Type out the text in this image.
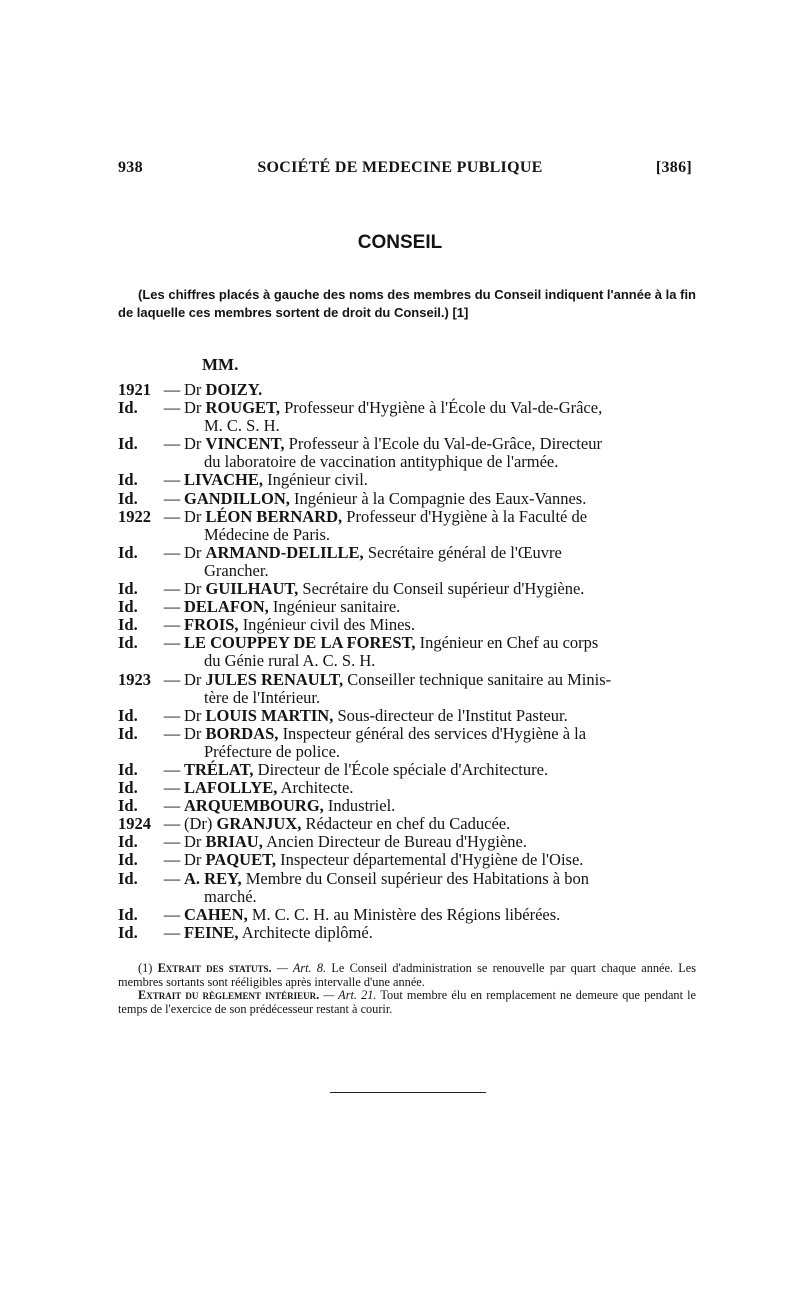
938	SOCIÉTÉ DE MEDECINE PUBLIQUE	[386]
CONSEIL
(Les chiffres placés à gauche des noms des membres du Conseil indiquent l'année à la fin de laquelle ces membres sortent de droit du Conseil.) [1]
MM.
1921 — Dr DOIZY.
Id.	— Dr ROUGET, Professeur d'Hygiène à l'École du Val-de-Grâce,
M. C. S. H.
Id.	— Dr VINCENT, Professeur à l'Ecole du Val-de-Grâce, Directeur
du laboratoire de vaccination antityphique de l'armée.
Id.	— LIVACHE, Ingénieur civil.
Id.	— GANDILLON, Ingénieur à la Compagnie des Eaux-Vannes.
1922 — Dr LÉON BERNARD, Professeur d'Hygiène à la Faculté de
Médecine de Paris.
Id.	— Dr ARMAND-DELILLE, Secrétaire général de l'Œuvre
Grancher.
Id.	— Dr GUILHAUT, Secrétaire du Conseil supérieur d'Hygiène.
Id.	— DELAFON, Ingénieur sanitaire.
Id.	— FROIS, Ingénieur civil des Mines.
Id.	— LE COUPPEY DE LA FOREST, Ingénieur en Chef au corps
du Génie rural A. C. S. H.
1923 — Dr JULES RENAULT, Conseiller technique sanitaire au Minis-
tère de l'Intérieur.
Id.	— Dr LOUIS MARTIN, Sous-directeur de l'Institut Pasteur.
Id.	— Dr BORDAS, Inspecteur général des services d'Hygiène à la
Préfecture de police.
Id.	— TRÉLAT, Directeur de l'École spéciale d'Architecture.
Id.	— LAFOLLYE, Architecte.
Id.	— ARQUEMBOURG, Industriel.
1924 — (Dr) GRANJUX, Rédacteur en chef du Caducée.
Id.	— Dr BRIAU, Ancien Directeur de Bureau d'Hygiène.
Id.	— Dr PAQUET, Inspecteur départemental d'Hygiène de l'Oise.
Id.	— A. REY, Membre du Conseil supérieur des Habitations à bon
marché.
Id.	— CAHEN, M. C. C. H. au Ministère des Régions libérées.
Id.	— FEINE, Architecte diplômé.
(1) Extrait des statuts. — Art. 8. Le Conseil d'administration se renouvelle par quart chaque année. Les membres sortants sont rééligibles après intervalle d'une année.
Extrait du règlement intérieur. — Art. 21. Tout membre élu en remplacement ne demeure que pendant le temps de l'exercice de son prédécesseur restant à courir.
